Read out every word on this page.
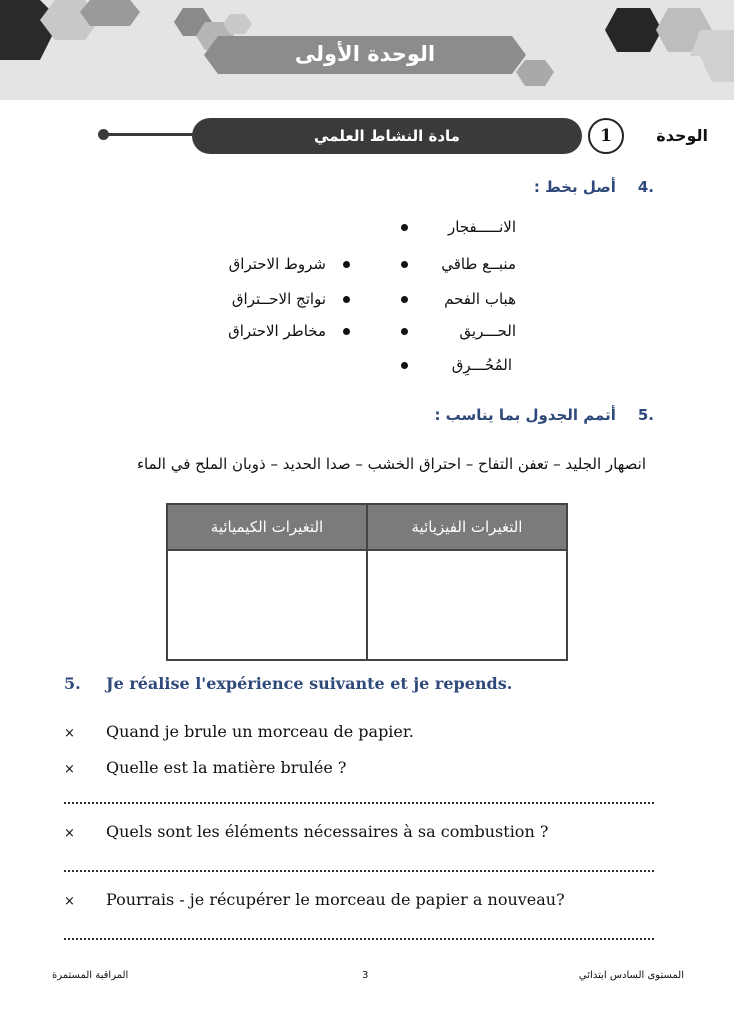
الوحدة الأولى
مادة النشاط العلمي	1	الوحدة
.4أصل بخط :
الانـــــفجار
منبــع طاقي
هباب الفحم
الحـــريق
المُحُـــرِق
شروط الاحتراق
نواتج الاحــتراق
مخاطر الاحتراق
.5أتمم الجدول بما يناسب :
انصهار الجليد – تعفن التفاح – احتراق الخشب – صدا الحديد – ذوبان الملح في الماء
التغيرات الفيزيائية	التغيرات الكيميائية

5. Je réalise l'expérience suivante et je repends.
× Quand je brule un morceau de papier.
× Quelle est la matière brulée ?
× Quels sont les éléments nécessaires à sa combustion ?
× Pourrais - je récupérer le morceau de papier a nouveau?
المستوى السادس ابتدائي
3
المراقبة المستمرة
